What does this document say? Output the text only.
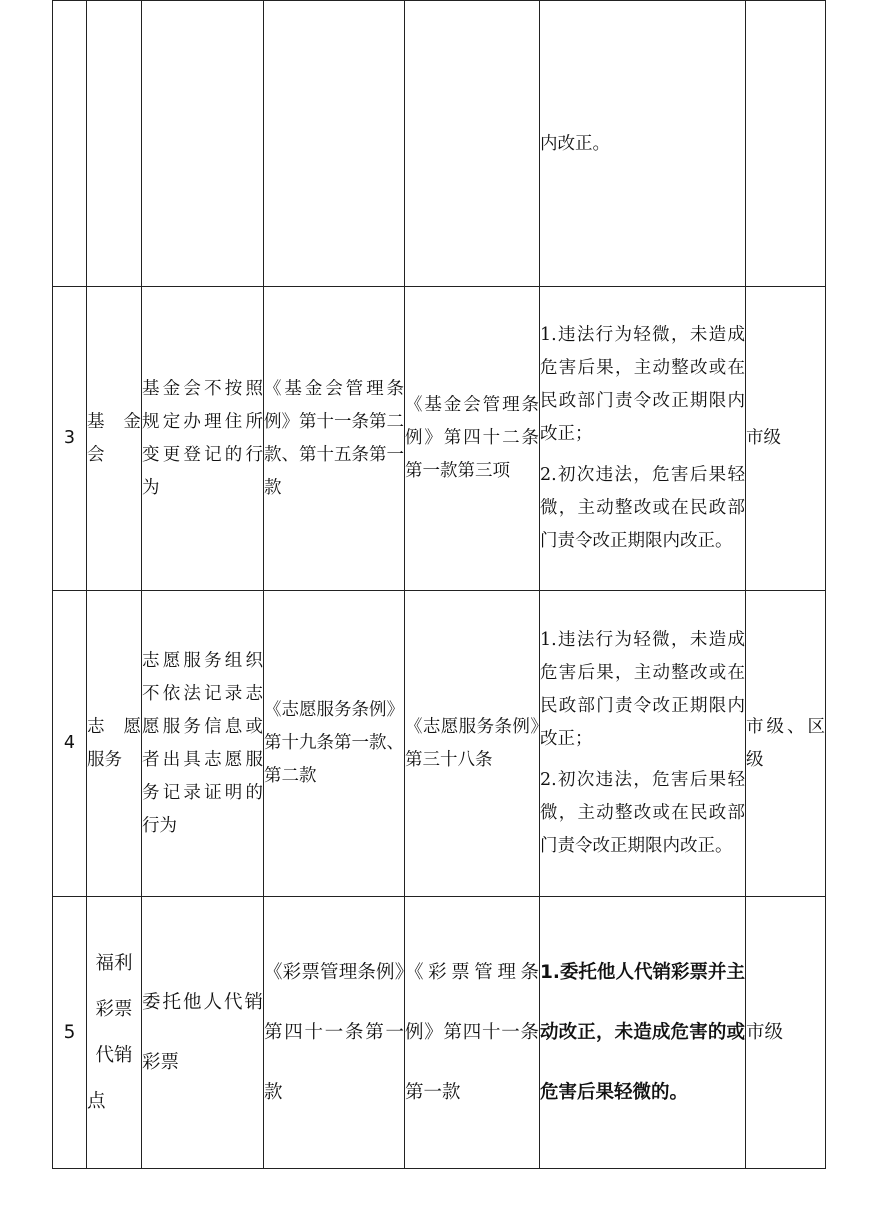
					内改正。	

3	基 金会	基金会不按照规定办理住所变更登记的行为	《基金会管理条例》第十一条第二款、第十五条第一款	《基金会管理条例》第四十二条第一款第三项	1.违法行为轻微，未造成危害后果，主动整改或在民政部门责令改正期限内改正；

2.初次违法，危害后果轻微，主动整改或在民政部门责令改正期限内改正。	市级
4	志 愿服务	志愿服务组织不依法记录志愿服务信息或者出具志愿服务记录证明的行为	《志愿服务条例》第十九条第一款、第二款	《志愿服务条例》第三十八条	1.违法行为轻微，未造成危害后果，主动整改或在民政部门责令改正期限内改正；

2.初次违法，危害后果轻微，主动整改或在民政部门责令改正期限内改正。	市级、区级
5	福利彩票代销点	委托他人代销彩票	《彩票管理条例》第四十一条第一款	《彩票管理条例》第四十一条第一款	1.委托他人代销彩票并主动改正，未造成危害的或危害后果轻微的。	市级
